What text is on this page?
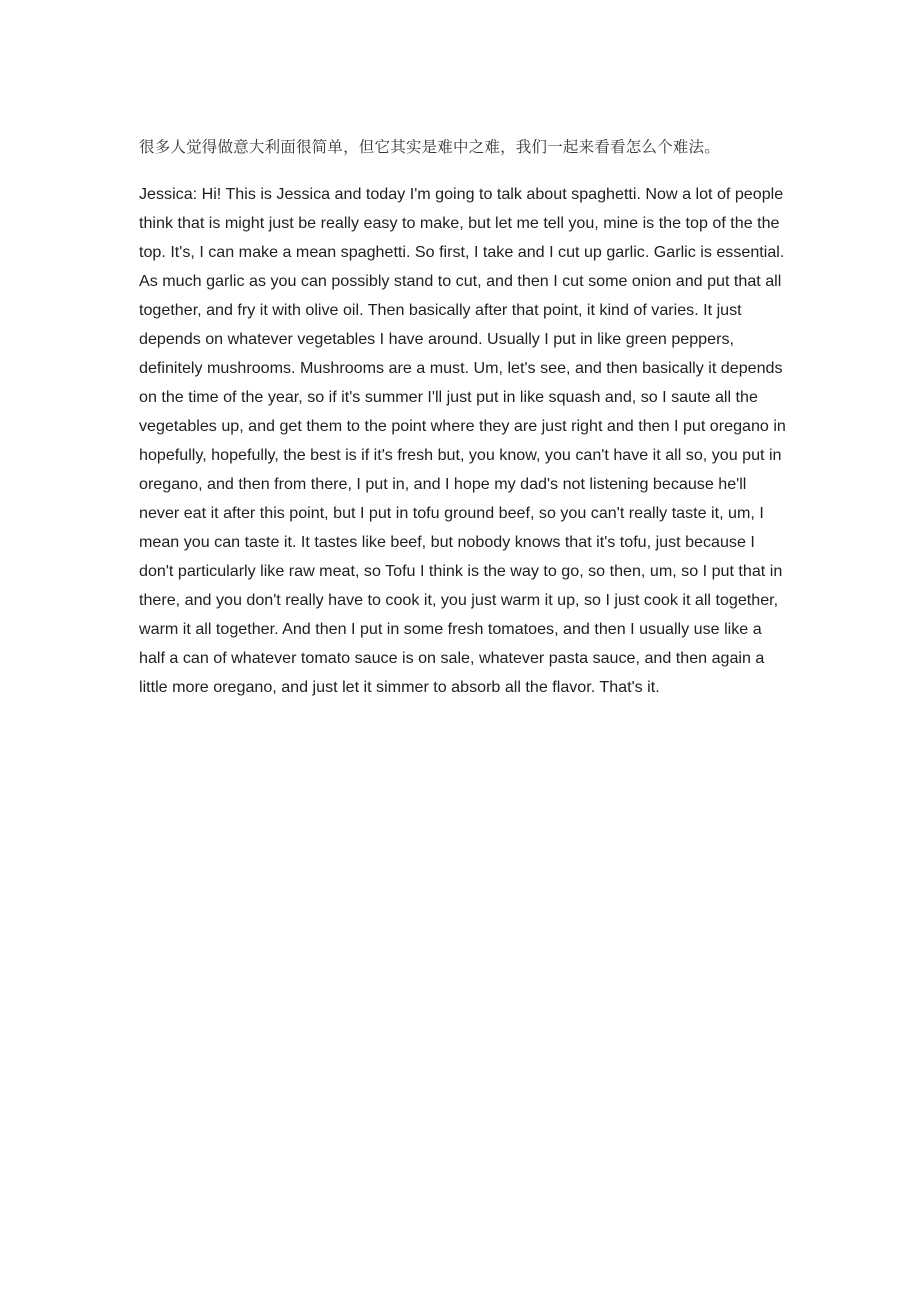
很多人觉得做意大利面很简单，但它其实是难中之难，我们一起来看看怎么个难法。

Jessica: Hi! This is Jessica and today I'm going to talk about spaghetti. Now a lot of people think that is might just be really easy to make, but let me tell you, mine is the top of the the top. It's, I can make a mean spaghetti. So first, I take and I cut up garlic. Garlic is essential. As much garlic as you can possibly stand to cut, and then I cut some onion and put that all together, and fry it with olive oil. Then basically after that point, it kind of varies. It just depends on whatever vegetables I have around. Usually I put in like green peppers, definitely mushrooms. Mushrooms are a must. Um, let's see, and then basically it depends on the time of the year, so if it's summer I'll just put in like squash and, so I saute all the vegetables up, and get them to the point where they are just right and then I put oregano in hopefully, hopefully, the best is if it's fresh but, you know, you can't have it all so, you put in oregano, and then from there, I put in, and I hope my dad's not listening because he'll never eat it after this point, but I put in tofu ground beef, so you can't really taste it, um, I mean you can taste it. It tastes like beef, but nobody knows that it's tofu, just because I don't particularly like raw meat, so Tofu I think is the way to go, so then, um, so I put that in there, and you don't really have to cook it, you just warm it up, so I just cook it all together, warm it all together. And then I put in some fresh tomatoes, and then I usually use like a half a can of whatever tomato sauce is on sale, whatever pasta sauce, and then again a little more oregano, and just let it simmer to absorb all the flavor. That's it.
